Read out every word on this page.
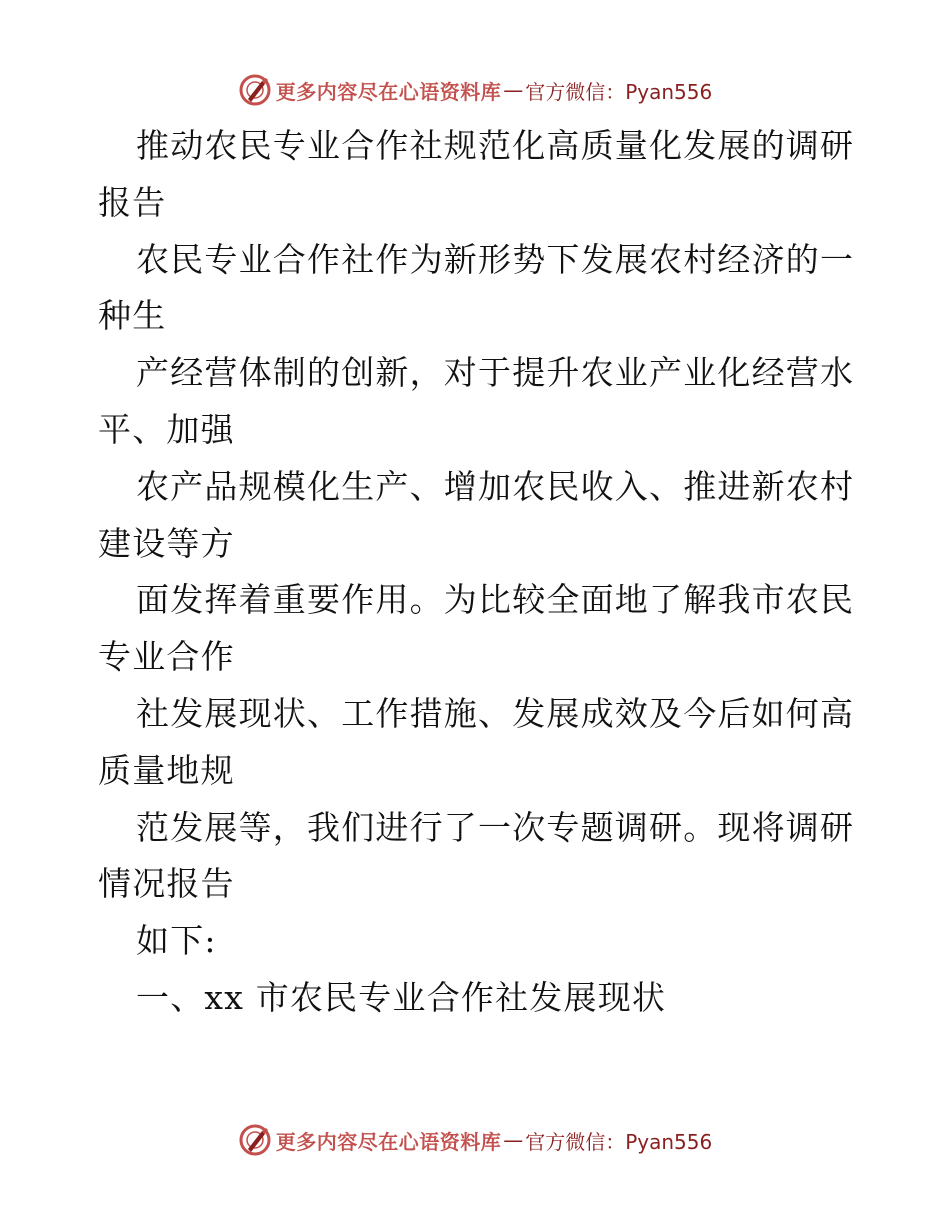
更多内容尽在心语资料库 — 官方微信：Pyan556
推动农民专业合作社规范化高质量化发展的调研
报告
农民专业合作社作为新形势下发展农村经济的一
种生
产经营体制的创新，对于提升农业产业化经营水
平、加强
农产品规模化生产、增加农民收入、推进新农村
建设等方
面发挥着重要作用。为比较全面地了解我市农民
专业合作
社发展现状、工作措施、发展成效及今后如何高
质量地规
范发展等，我们进行了一次专题调研。现将调研
情况报告
如下:
一、xx 市农民专业合作社发展现状
更多内容尽在心语资料库 — 官方微信：Pyan556
